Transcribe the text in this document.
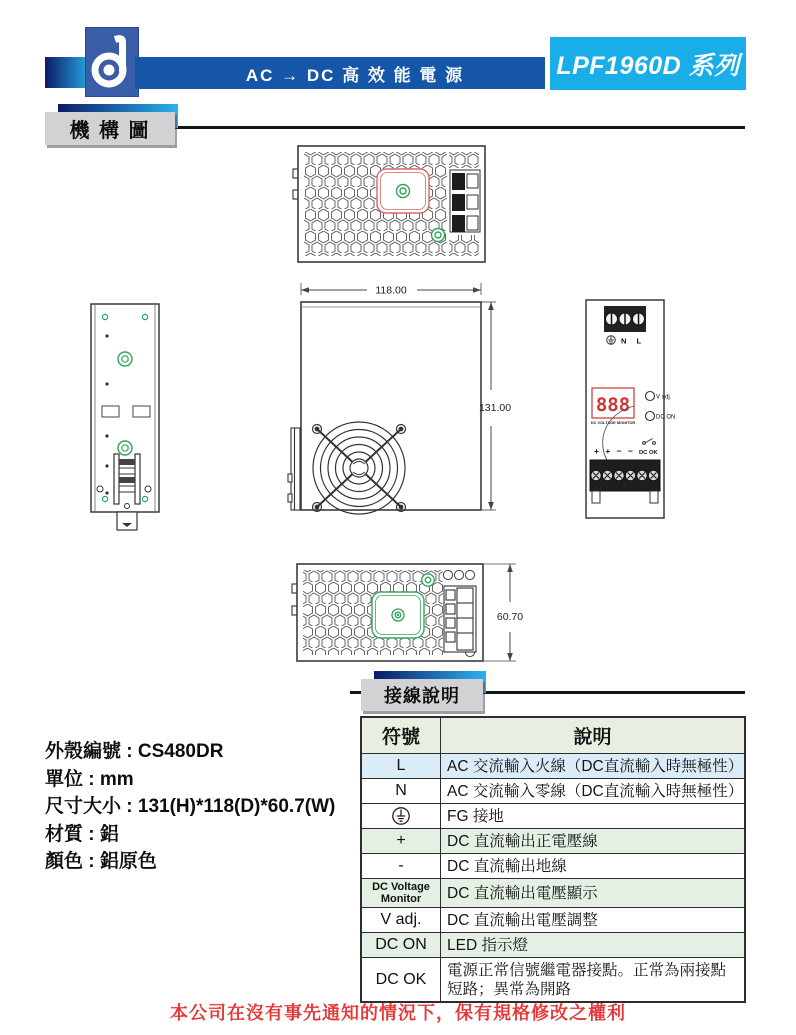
AC → DC 高 效 能 電 源	LPF1960D 系列
機 構 圖
118.00
131.00
N L
888
DC VOLTAGE MONITOR
V adj.
DC ON
+ + − − DC OK
60.70
接線說明
外殼編號 : CS480DR
單位 : mm
尺寸大小 : 131(H)*118(D)*60.7(W)
材質 : 鋁
顏色 : 鋁原色
符號	說明
L	AC 交流輸入火線（DC直流輸入時無極性）
N	AC 交流輸入零線（DC直流輸入時無極性）
	FG 接地
+	DC 直流輸出正電壓線
-	DC 直流輸出地線
DC Voltage Monitor	DC 直流輸出電壓顯示
V adj.	DC 直流輸出電壓調整
DC ON	LED 指示燈
DC OK	電源正常信號繼電器接點。正常為兩接點短路；異常為開路
本公司在沒有事先通知的情況下，保有規格修改之權利
